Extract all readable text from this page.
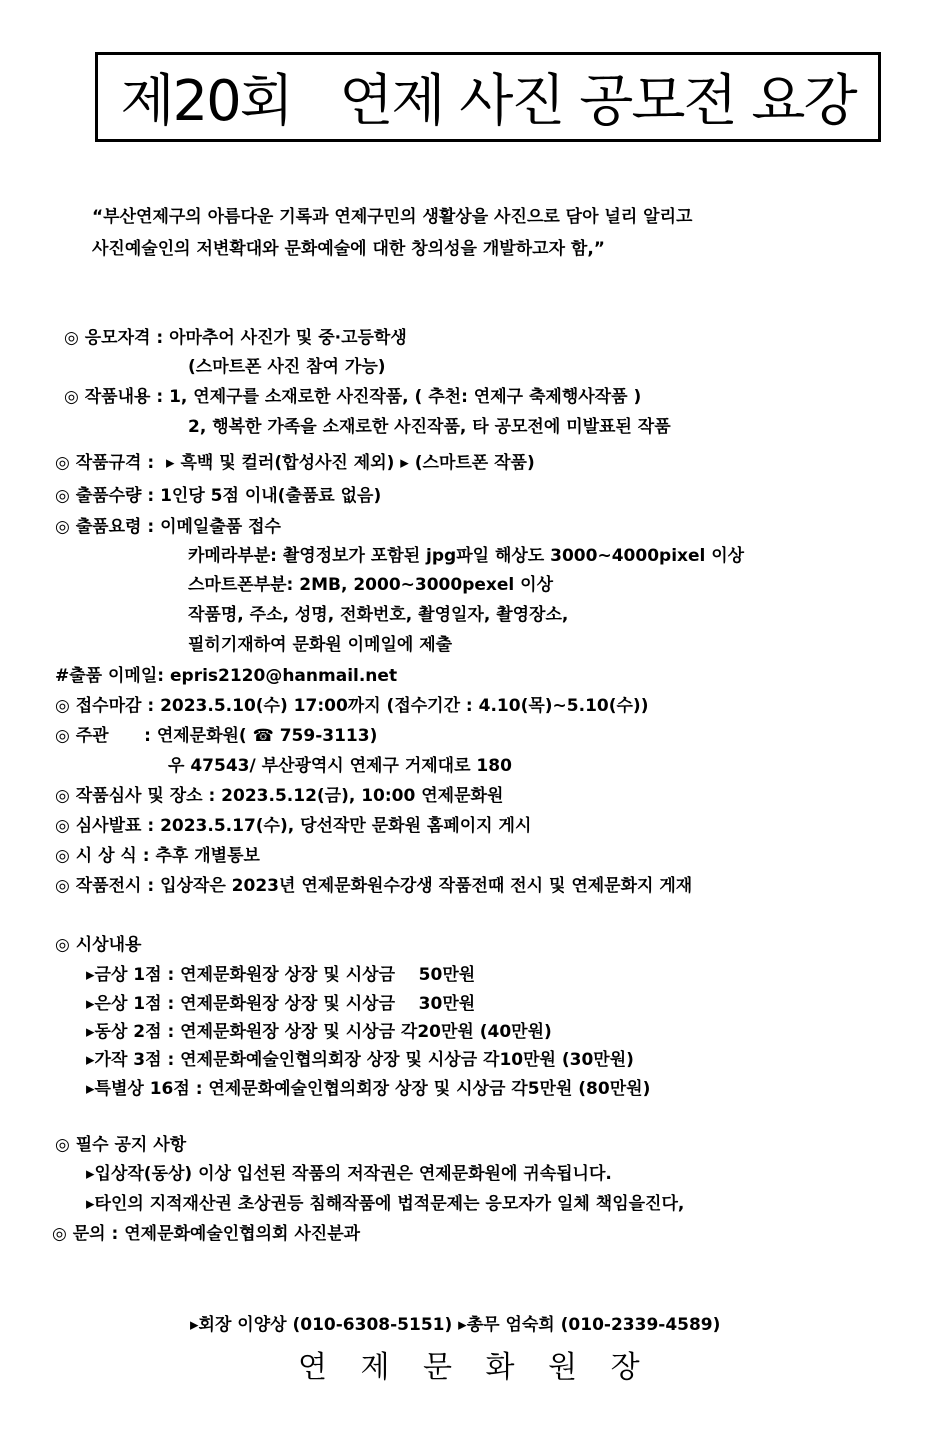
제20회   연제 사진 공모전 요강
“부산연제구의 아름다운 기록과 연제구민의 생활상을 사진으로 담아 널리 알리고
사진예술인의 저변확대와 문화예술에 대한 창의성을 개발하고자 함,”
◎ 응모자격 : 아마추어 사진가 및 중·고등학생
(스마트폰 사진 참여 가능)
◎ 작품내용 : 1, 연제구를 소재로한 사진작품, ( 추천: 연제구 축제행사작품 )
2, 행복한 가족을 소재로한 사진작품, 타 공모전에 미발표된 작품
◎ 작품규격 :  ▸ 흑백 및 컬러(합성사진 제외) ▸ (스마트폰 작품)
◎ 출품수량 : 1인당 5점 이내(출품료 없음)
◎ 출품요령 : 이메일출품 접수
카메라부분: 촬영정보가 포함된 jpg파일 해상도 3000~4000pixel 이상
스마트폰부분: 2MB, 2000~3000pexel 이상
작품명, 주소, 성명, 전화번호, 촬영일자, 촬영장소,
필히기재하여 문화원 이메일에 제출
#출품 이메일: epris2120@hanmail.net
◎ 접수마감 : 2023.5.10(수) 17:00까지 (접수기간 : 4.10(목)~5.10(수))
◎ 주관      : 연제문화원( ☎ 759-3113)
우 47543/ 부산광역시 연제구 거제대로 180
◎ 작품심사 및 장소 : 2023.5.12(금), 10:00 연제문화원
◎ 심사발표 : 2023.5.17(수), 당선작만 문화원 홈페이지 게시
◎ 시 상 식 : 추후 개별통보
◎ 작품전시 : 입상작은 2023년 연제문화원수강생 작품전때 전시 및 연제문화지 게재
◎ 시상내용
▸금상 1점 : 연제문화원장 상장 및 시상금    50만원
▸은상 1점 : 연제문화원장 상장 및 시상금    30만원
▸동상 2점 : 연제문화원장 상장 및 시상금 각20만원 (40만원)
▸가작 3점 : 연제문화예술인협의회장 상장 및 시상금 각10만원 (30만원)
▸특별상 16점 : 연제문화예술인협의회장 상장 및 시상금 각5만원 (80만원)
◎ 필수 공지 사항
▸입상작(동상) 이상 입선된 작품의 저작권은 연제문화원에 귀속됩니다.
▸타인의 지적재산권 초상권등 침해작품에 법적문제는 응모자가 일체 책임을진다,
◎ 문의 : 연제문화예술인협의회 사진분과
▸회장 이양상 (010-6308-5151) ▸총무 엄숙희 (010-2339-4589)
연 제 문 화 원 장
